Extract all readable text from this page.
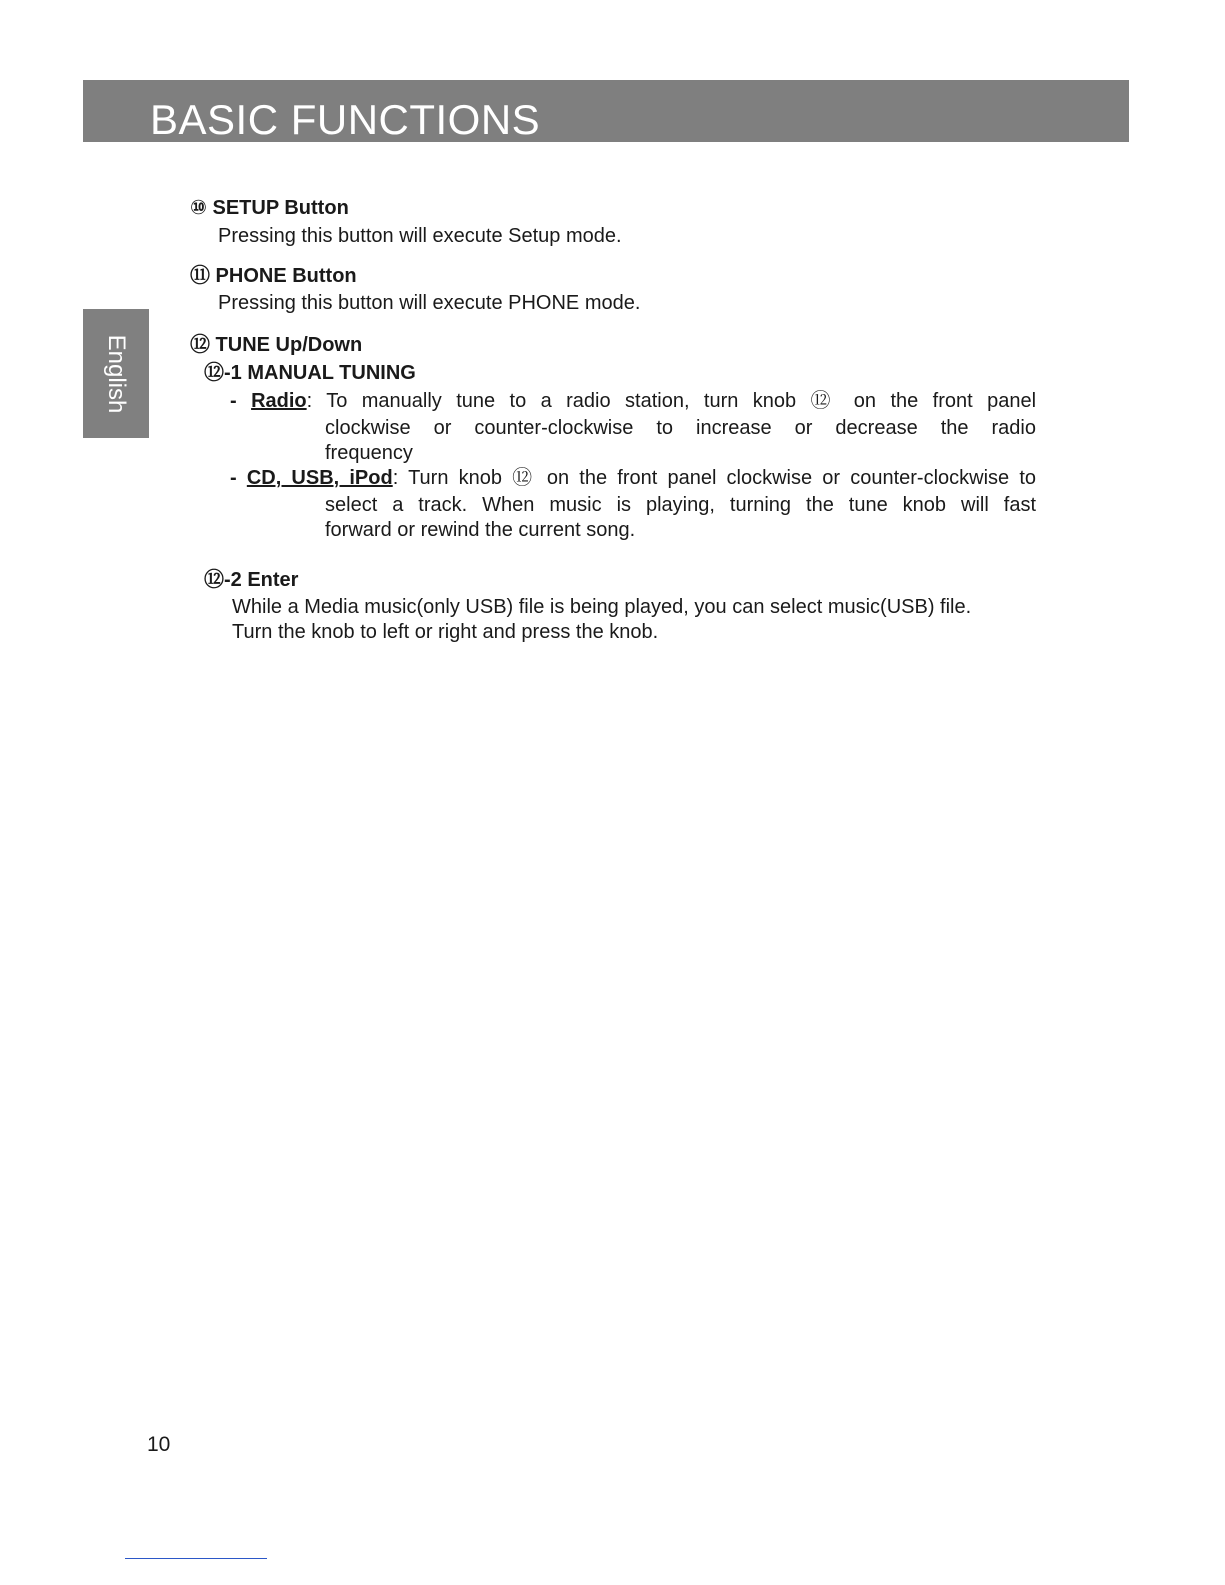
BASIC FUNCTIONS
English
⑩ SETUP Button
Pressing this button will execute Setup mode.
⑪ PHONE Button
Pressing this button will execute PHONE mode.
⑫ TUNE Up/Down
⑫-1 MANUAL TUNING
- Radio: To manually tune to a radio station, turn knob ⑫ on the front panel
clockwise or counter-clockwise to increase or decrease the radio
frequency
- CD, USB, iPod: Turn knob ⑫ on the front panel clockwise or counter-clockwise to
select a track. When music is playing, turning the tune knob will fast
forward or rewind the current song.
⑫-2 Enter
While a Media music(only USB) file is being played, you can select music(USB) file.
Turn the knob to left or right and press the knob.
10
